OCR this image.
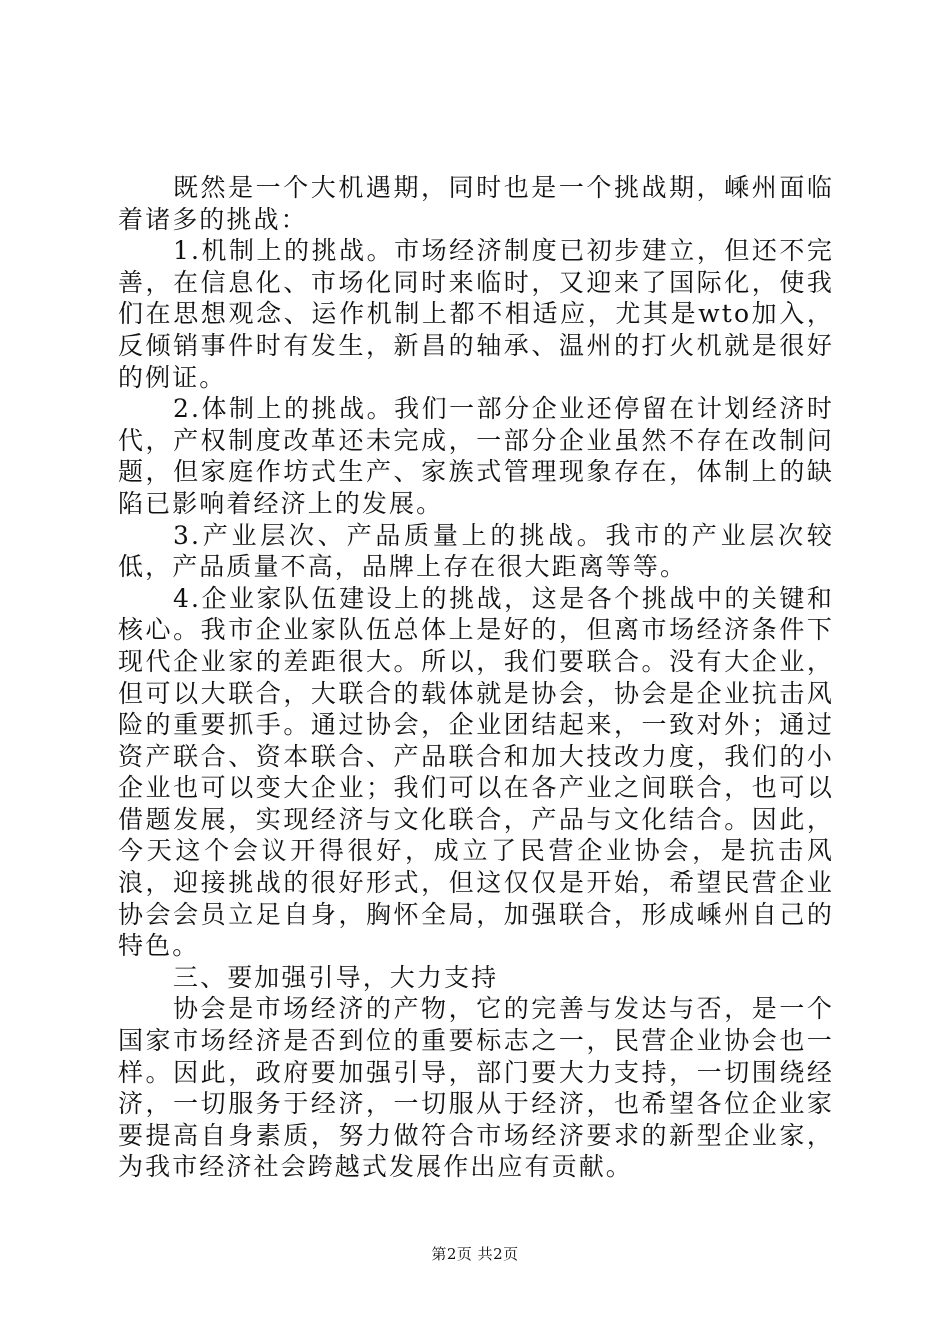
既然是一个大机遇期，同时也是一个挑战期，嵊州面临着诸多的挑战：

1.机制上的挑战。市场经济制度已初步建立，但还不完善，在信息化、市场化同时来临时，又迎来了国际化，使我们在思想观念、运作机制上都不相适应，尤其是wto加入，反倾销事件时有发生，新昌的轴承、温州的打火机就是很好的例证。

2.体制上的挑战。我们一部分企业还停留在计划经济时代，产权制度改革还未完成，一部分企业虽然不存在改制问题，但家庭作坊式生产、家族式管理现象存在，体制上的缺陷已影响着经济上的发展。

3.产业层次、产品质量上的挑战。我市的产业层次较低，产品质量不高，品牌上存在很大距离等等。

4.企业家队伍建设上的挑战，这是各个挑战中的关键和核心。我市企业家队伍总体上是好的，但离市场经济条件下现代企业家的差距很大。所以，我们要联合。没有大企业，但可以大联合，大联合的载体就是协会，协会是企业抗击风险的重要抓手。通过协会，企业团结起来，一致对外；通过资产联合、资本联合、产品联合和加大技改力度，我们的小企业也可以变大企业；我们可以在各产业之间联合，也可以借题发展，实现经济与文化联合，产品与文化结合。因此，今天这个会议开得很好，成立了民营企业协会，是抗击风浪，迎接挑战的很好形式，但这仅仅是开始，希望民营企业协会会员立足自身，胸怀全局，加强联合，形成嵊州自己的特色。

三、要加强引导，大力支持

协会是市场经济的产物，它的完善与发达与否，是一个国家市场经济是否到位的重要标志之一，民营企业协会也一样。因此，政府要加强引导，部门要大力支持，一切围绕经济，一切服务于经济，一切服从于经济，也希望各位企业家要提高自身素质，努力做符合市场经济要求的新型企业家，为我市经济社会跨越式发展作出应有贡献。

第2页 共2页
